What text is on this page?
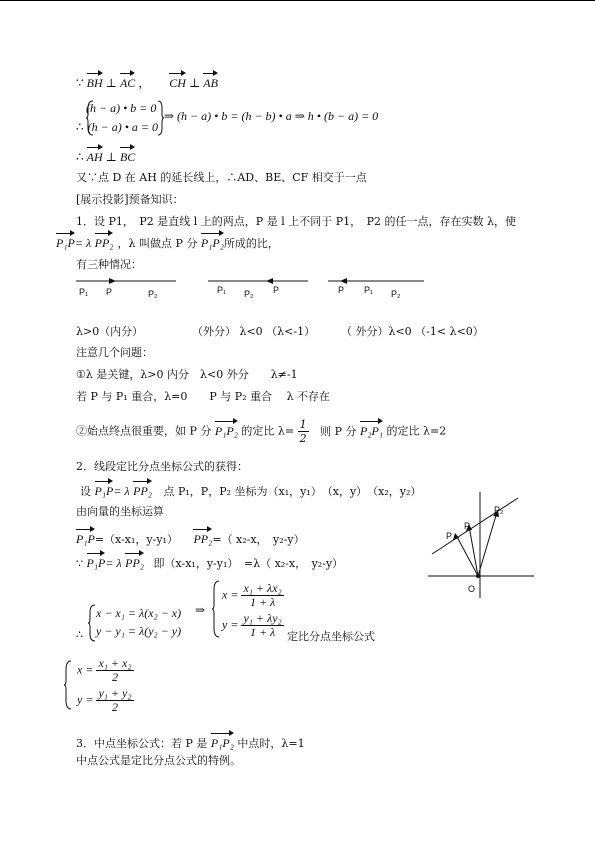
∵ BH ⊥ AC ， CH ⊥ AB
(h − a) • b = 0
∴ (h − a) • a = 0
⇒ (h − a) • b = (h − b) • a ⇒ h • (b − a) = 0
∴ AH ⊥ BC
又∵点 D 在 AH 的延长线上，∴AD、BE、CF 相交于一点
[展示投影]预备知识：
1．设 P1，　P2 是直线 l 上的两点，P 是 l 上不同于 P1，　P2 的任一点，存在实数 λ，使
P₁P= λ PP₂ ，λ 叫做点 P 分 P₁P₂所成的比，
有三种情况：
P₁ P	P₂	P₁ P₂ P	P P₁ P₂
λ>0（内分）	（外分） λ<0 （λ<-1） （ 外分）λ<0 （-1< λ<0）
注意几个问题：
①λ 是关键，λ>0 内分　λ<0 外分　　λ≠-1
若 P 与 P₁ 重合，λ=0　　P 与 P₂ 重合　 λ 不存在
②始点终点很重要，如 P 分 P₁P₂ 的定比 $\lambda= \frac{1}{2}$ 则 P 分 P₂P₁ 的定比 λ=2
2．线段定比分点坐标公式的获得：
设 P₁P= λ PP₂ 点 P₁，P，P₂ 坐标为（x₁，y₁）　（x，y）　（x₂，y₂）
由向量的坐标运算
P₁P=（x-x₁，y-y₁） PP₂=（ x₂-x，　y₂-y）
∵ P₁P= λ PP₂ 即（x-x₁，y-y₁）　=λ（ x₂-x，　y₂-y）
x − x₁ = λ(x₂ − x)
y − y₁ = λ(y₂ − y)
∴
⇒
$x = \frac{\text{x₁ + λx₂}}{1 + \lambda}$
$y = \frac{\text{y₁ + λy₂}}{1 + \lambda}$ 定比分点坐标公式
$x = \frac{\text{x₁ + x₂}}{2}$
$y = \frac{\text{y₁ + y₂}}{2}$
3．中点坐标公式：若 P 是 P₁P₂ 中点时，λ=1
中点公式是定比分点公式的特例。
O
P
P
P₂
